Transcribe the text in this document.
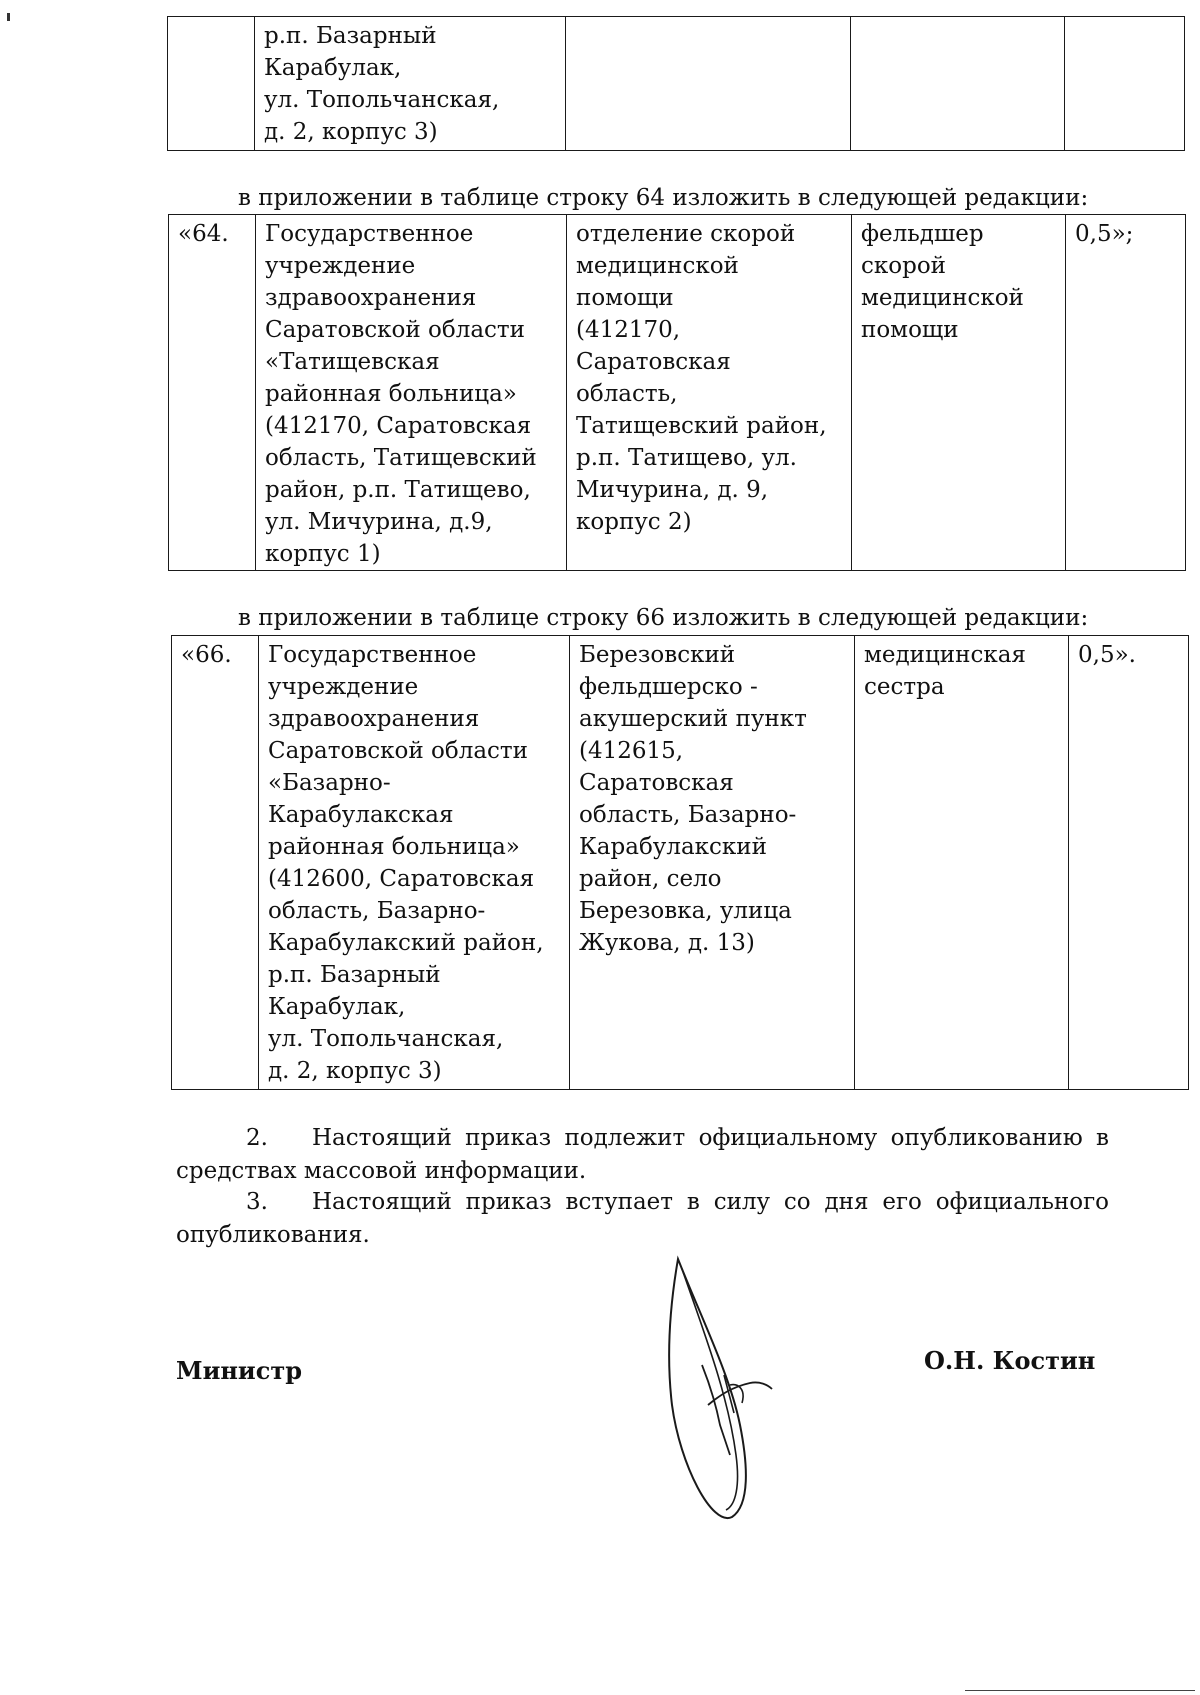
	р.п. Базарный
Карабулак,
ул. Топольчанская,
д. 2, корпус 3)			
в приложении в таблице строку 64 изложить в следующей редакции:
«64.	Государственное
учреждение
здравоохранения
Саратовской области
«Татищевская
районная больница»
(412170, Саратовская
область, Татищевский
район, р.п. Татищево,
ул. Мичурина, д.9,
корпус 1)	отделение скорой
медицинской
помощи
(412170,
Саратовская
область,
Татищевский район,
р.п. Татищево, ул.
Мичурина, д. 9,
корпус 2)	фельдшер
скорой
медицинской
помощи	0,5»;
в приложении в таблице строку 66 изложить в следующей редакции:
«66.	Государственное
учреждение
здравоохранения
Саратовской области
«Базарно-
Карабулакская
районная больница»
(412600, Саратовская
область, Базарно-
Карабулакский район,
р.п. Базарный
Карабулак,
ул. Топольчанская,
д. 2, корпус 3)	Березовский
фельдшерско -
акушерский пункт
(412615,
Саратовская
область, Базарно-
Карабулакский
район, село
Березовка, улица
Жукова, д. 13)	медицинская
сестра	0,5».
2. Настоящий приказ подлежит официальному опубликованию в средствах массовой информации.
3. Настоящий приказ вступает в силу со дня его официального опубликования.
Министр	О.Н. Костин
